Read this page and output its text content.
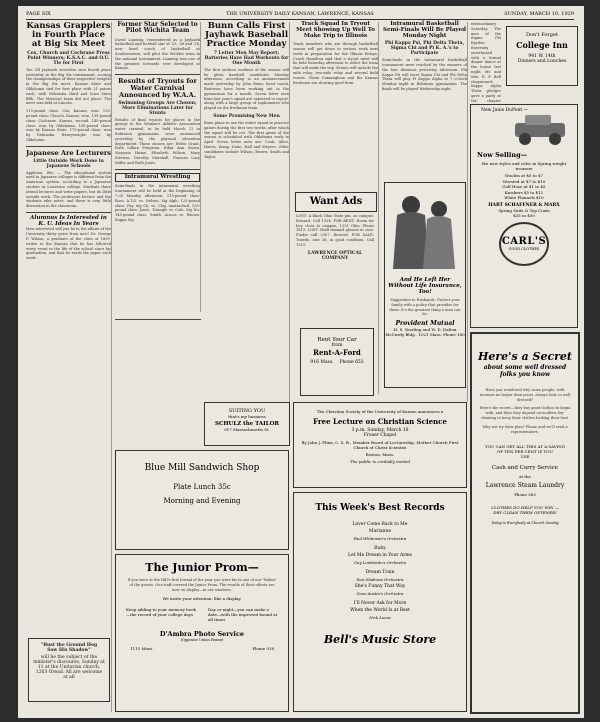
PAGE SIX	THE UNIVERSITY DAILY KANSAN, LAWRENCE, KANSAS	SUNDAY, MARCH 10, 1929

Kansas Grapplers in Fourth Place at Big Six Meet

Cox, Church and Cochrane Press Point Winners; K.S.A.C. and O.U. Tie for First

Ten Oll Jayhawk wrestlers won fourth place yesterday in the Big Six tournament, scoring the championships of their respective weights in the Big Six meet. Kansas State and Oklahoma tied for first place with 21 points each, with Nebraska third and Iowa State fifth. The Missouri team did not place. The meet was held at Lincoln.

115-pound class: Cox, Kansas, won. 125-pound class: Church, Kansas, won. 135-pound class: Cochrane, Kansas, second. 145-pound class: won by Oklahoma. 158-pound class: won by Kansas State. 175-pound class: won by Nebraska. Heavyweight: won by Oklahoma.

Japanese Are Lecturers

Little Outside Work Done in Japanese Schools

Appleton, Wis. — The educational system used in Japanese colleges is different from the American system, according to a Japanese student at Lawrence college. Students there attend lectures and write papers, but do little outside work. The professors lecture and the students take notes, and there is very little discussion in the classroom.

Alumnus Is Interested in K. U. Ideas In Years

How interested will you be in the affairs of the University thirty years from now? Dr. George F. Wilson, a graduate of the class of 1899, writes to the Kansan that he has followed every event in the life of the school since his graduation, and that he reads the paper each week.

"Bust the Ground Hog
Saw His Shadow"
will be the subject of the minister's discourse, Sunday at 11 at the Unitarian church, 1263 Oread. All are welcome at all

Former Star Selected to Pilot Wichita Team

David Lanning, remembered as a Jayhawk basketball and football star of '25, '26 and '28, now head coach of basketball at Southwestern, will pilot the Wichita team in the national tournament. Lanning was one of the greatest forwards ever developed at Kansas.

Results of Tryouts for Water Carnival Announced by W.A.A.

Swimming Groups Are Chosen; More Eliminations Later for Stunts

Results of final tryouts for places in the groups in the Women's Athletic Association water carnival, to be held March 21 in Robinson gymnasium, were announced yesterday by the physical education department. Those chosen are: Helen Grant, Ruth Lillian Ferguson, Edna Ann Swain, Marjorie Hume, Elizabeth Wilson, Mary Stevens, Dorothy Marshall, Frances Lucy Miller and Ruth Jones.

Intramural Wrestling

Semi-finals in the intramural wrestling tournament will be held at the beginning of 7:30 Monday afternoon. 115-pound class: Ross, A.T.O. vs. Nelson, Sig Alph. 125-pound class: Fay, Sig Ch. vs. Clay, unattached. 135-pound class: Jones, Triangle vs. Cole, Sig Nu. 145-pound class: Smith, Acacia vs. Brown, Kappa Sig.

Bunn Calls First Jayhawk Baseball Practice Monday

7 Letter Men May Report; Batteries Have Had Workouts for One Month

The first outdoor workout of the season will be given baseball candidates Monday afternoon, according to an announcement made yesterday by John Bunn, head coach. Batteries have been working out in the gymnasium for a month. Seven letter men from last year's squad are expected to report, along with a large group of sophomores who played on the freshman team.

Some Promising New Men

Bunn plans to use the entire squad in practice games during the first two weeks, after which the squad will be cut. The first game of the season is scheduled with Oklahoma early in April. Seven letter men are: Cook, Allen, Harris, Kemp, Dunn, Hall and Meyers. Other candidates include Wilson, Brown, Smith and Taylor.

Track Squad In Tryout Meet Showing Up Well To Make Trip to Illinois

Track members who are through basketball season will get down to serious work next week in preparation for the Illinois Relays. Coach Hamilton said that a tryout meet will be held Saturday afternoon to select the team that will make the trip. Events will include the mile relay, two-mile relay and several field events. Glenn Cunningham and the Kansas freshmen are showing good form.

Want Ads

LOST: A black Ohio State pin, on campus. Reward. Call 1924. FOR RENT: Room for boy, close to campus, 1231 Ohio. Phone 1819. LOST: Shell rimmed glasses in case. Finder call 2307. Reward. FOR SALE: Tuxedo, size 38, in good condition. Call 1515.

LAWRENCE OPTICAL COMPANY

Rent Your Car
from
Rent-A-Ford
916 Mass. Phone 653

Intramural Basketball Semi-Finals Will Be Played Monday Night

Phi Kappa Psi, Phi Delta Theta, Sigma Chi and Pi K. A.'s to Participate

Semi-finals in the intramural basketball tournament were reached by the winners of the four divisions yesterday afternoon. Phi Kappa Psi will meet Sigma Chi and Phi Delta Theta will play Pi Kappa Alpha at 7 o'clock Monday night in Robinson gymnasium. The finals will be played Wednesday night.

And He Left Her Without Life Insurance, Too!
Suggestion to Husbands: Protect your family with a policy that provides for them. It's the greatest thing a man can do.
Provident Mutual
H. S. Yearling and W. D. Dalton
McCurdy Bldg., 1021 Mass. Phone 180

extraordinary Saturday. The men of the Sigma Phi Epsilon fraternity entertained with a formal dinner dance at the house last night. Mr. and Mrs. E. F. Bell chaperoned. Kappa Alpha Theta pledges gave a party at the chapter

Don't Forget
College Inn
941 W. 14th
Dinners and Lunches
New Janis DuPont —
Now Selling—
the new styles and color in Spring weight trousers
Woolen at $5 to $7
Worsted at $7 to $10
Golf Hose at $1 to $5
Knickers $5 to $12
White Flannels $10
HART SCHAFFNER & MARX
Spring Suits & Top Coats
$35 to $50
CARL'S
GOOD CLOTHES
Here's a Secret
about some well dressed folks you know
Have you wondered why some people, with incomes no larger than yours, always look so well dressed?
Here's the secret—they buy good clothes to begin with, and then they depend on modern dry-cleaning to keep their clothes looking their best.
Why not try their plan? Phone and we'll send a representative.
YOU CAN GET ALL THIS AT A SAVING
OF TEN PER CENT IF YOU
USE
Cash and Carry Service
at the
Lawrence Steam Laundry
Phone 383
CLOTHES DO HELP YOU WIN —
DRY CLEAN THEM OFTENER!
Today is Everybody at Church Sunday
The Christian Society of the University of Kansas announces a
Free Lecture on Christian Science
3 p.m. Sunday, March 10
Fraser Chapel
By John J. Flinn, C. S. B., Member Board of Lectureship, Mother Church First Church of Christ Scientist
Boston, Mass.
The public is cordially invited
SUITING YOU
that's my business
SCHULZ the TAILOR
917 Massachusetts St.
Blue Mill Sandwich Shop
Plate Lunch 35c
Morning and Evening
The Junior Prom—
If you were at the Hill's first formal of the year you were far in one of our "Robin" of the guests. Our staff covered the Junior Prom. The results of their efforts are now on display—in our windows.
We invite your attention, like a display.
Keep adding to your memory book—the record of your college days
Day or night—you can make a date—with the improved bound at all times
D'Ambra Photo Service
(Opposite Union House)
1115 Mass.	Phone 918
This Week's Best Records
Lover Come Back to Me
Marianne
Paul Whiteman's Orchestra
Ruby
Let Me Dream in Your Arms
Guy Lombardo's Orchestra
Dream Train
Sun Gladness Orchestra
She's Funny That Way
Gene Austin's Orchestra
I'll Never Ask for More
When the World Is at Rest
Nick Lucas
Bell's Music Store
